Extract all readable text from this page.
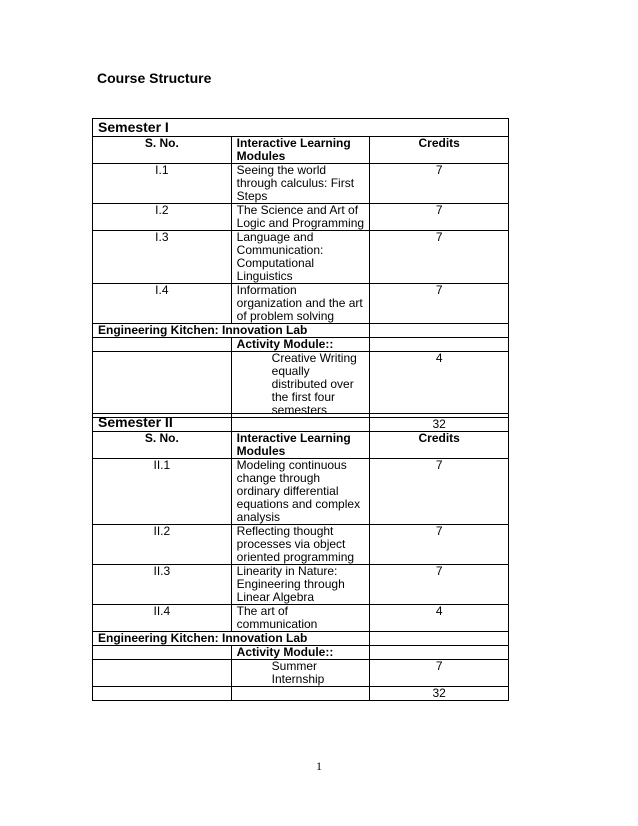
Course Structure
Semester I		
S. No.	Interactive Learning Modules	Credits
I.1	Seeing the world through calculus: First Steps	7
I.2	The Science and Art of Logic and Programming	7
I.3	Language and Communication: Computational Linguistics	7
I.4	Information organization and the art of problem solving	7
Engineering Kitchen: Innovation Lab		
	Activity Module::	
	Creative Writing equally distributed over the first four semesters	4
		32
Semester II		
S. No.	Interactive Learning Modules	Credits
II.1	Modeling continuous change through ordinary differential equations and complex analysis	7
II.2	Reflecting thought processes via object oriented programming	7
II.3	Linearity in Nature: Engineering through Linear Algebra	7
II.4	The art of communication	4
Engineering Kitchen: Innovation Lab		
	Activity Module::	
	Summer Internship	7
		32
1
